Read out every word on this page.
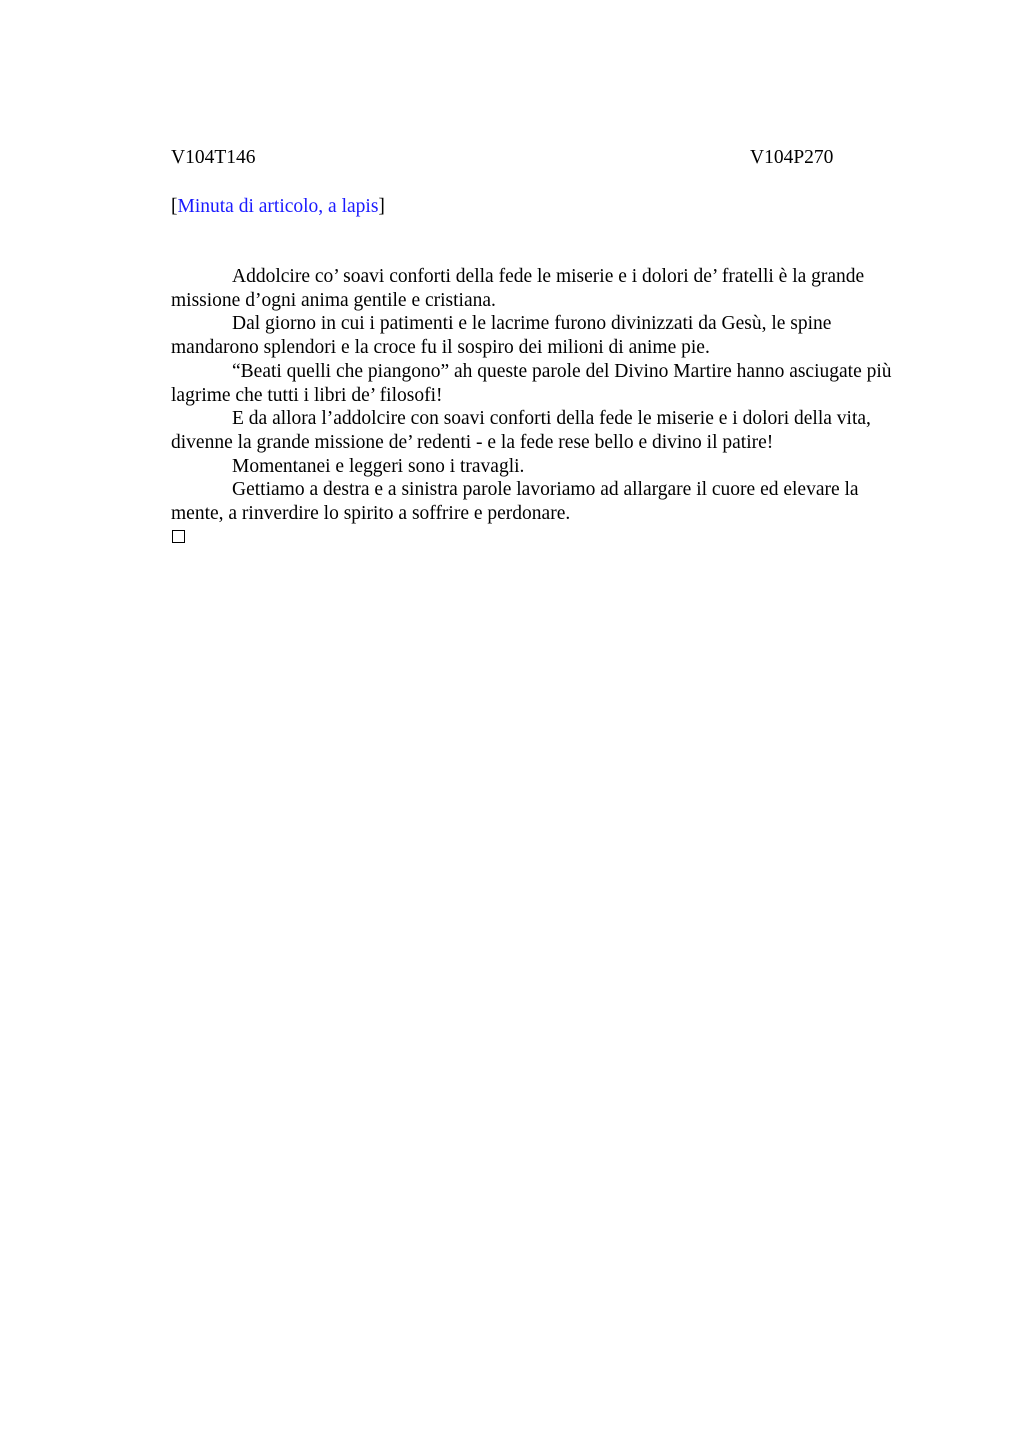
V104T146	V104P270
[Minuta di articolo, a lapis]

Addolcire co’ soavi conforti della fede le miserie e i dolori de’ fratelli è la grande missione d’ogni anima gentile e cristiana.

Dal giorno in cui i patimenti e le lacrime furono divinizzati da Gesù, le spine mandarono splendori e la croce fu il sospiro dei milioni di anime pie.

“Beati quelli che piangono” ah queste parole del Divino Martire hanno asciugate più lagrime che tutti i libri de’ filosofi!

E da allora l’addolcire con soavi conforti della fede le miserie e i dolori della vita, divenne la grande missione de’ redenti - e la fede rese bello e divino il patire!

Momentanei e leggeri sono i travagli.

Gettiamo a destra e a sinistra parole lavoriamo ad allargare il cuore ed elevare la mente, a rinverdire lo spirito a soffrire e perdonare.
